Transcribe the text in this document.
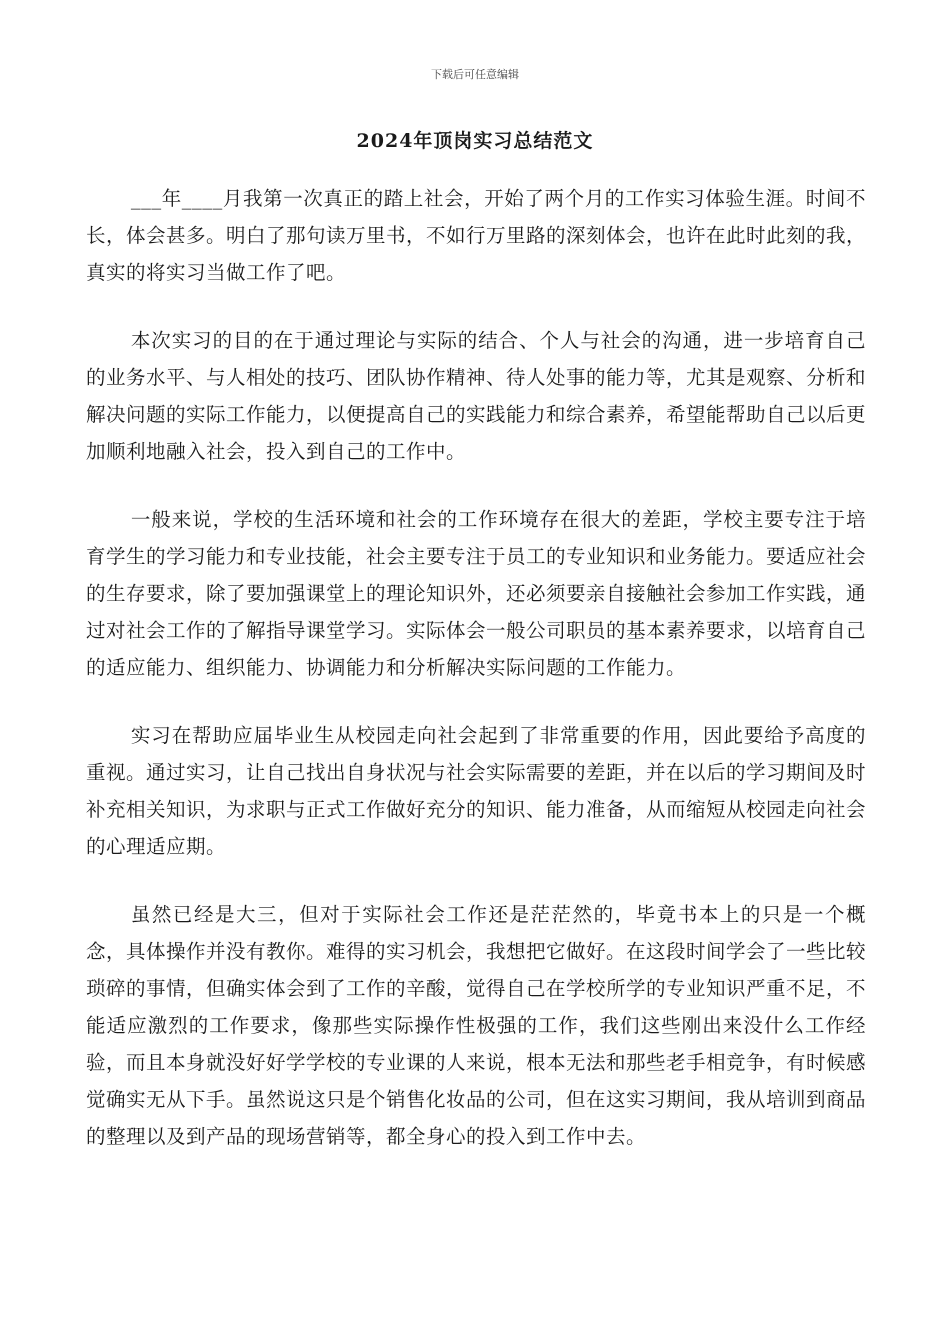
下载后可任意编辑
2024年顶岗实习总结范文

___年____月我第一次真正的踏上社会，开始了两个月的工作实习体验生涯。时间不长，体会甚多。明白了那句读万里书，不如行万里路的深刻体会，也许在此时此刻的我，真实的将实习当做工作了吧。

本次实习的目的在于通过理论与实际的结合、个人与社会的沟通，进一步培育自己的业务水平、与人相处的技巧、团队协作精神、待人处事的能力等，尤其是观察、分析和解决问题的实际工作能力，以便提高自己的实践能力和综合素养，希望能帮助自己以后更加顺利地融入社会，投入到自己的工作中。

一般来说，学校的生活环境和社会的工作环境存在很大的差距，学校主要专注于培育学生的学习能力和专业技能，社会主要专注于员工的专业知识和业务能力。要适应社会的生存要求，除了要加强课堂上的理论知识外，还必须要亲自接触社会参加工作实践，通过对社会工作的了解指导课堂学习。实际体会一般公司职员的基本素养要求，以培育自己的适应能力、组织能力、协调能力和分析解决实际问题的工作能力。

实习在帮助应届毕业生从校园走向社会起到了非常重要的作用，因此要给予高度的重视。通过实习，让自己找出自身状况与社会实际需要的差距，并在以后的学习期间及时补充相关知识，为求职与正式工作做好充分的知识、能力准备，从而缩短从校园走向社会的心理适应期。

虽然已经是大三，但对于实际社会工作还是茫茫然的，毕竟书本上的只是一个概念，具体操作并没有教你。难得的实习机会，我想把它做好。在这段时间学会了一些比较琐碎的事情，但确实体会到了工作的辛酸，觉得自己在学校所学的专业知识严重不足，不能适应激烈的工作要求，像那些实际操作性极强的工作，我们这些刚出来没什么工作经验，而且本身就没好好学学校的专业课的人来说，根本无法和那些老手相竞争，有时候感觉确实无从下手。虽然说这只是个销售化妆品的公司，但在这实习期间，我从培训到商品的整理以及到产品的现场营销等，都全身心的投入到工作中去。
